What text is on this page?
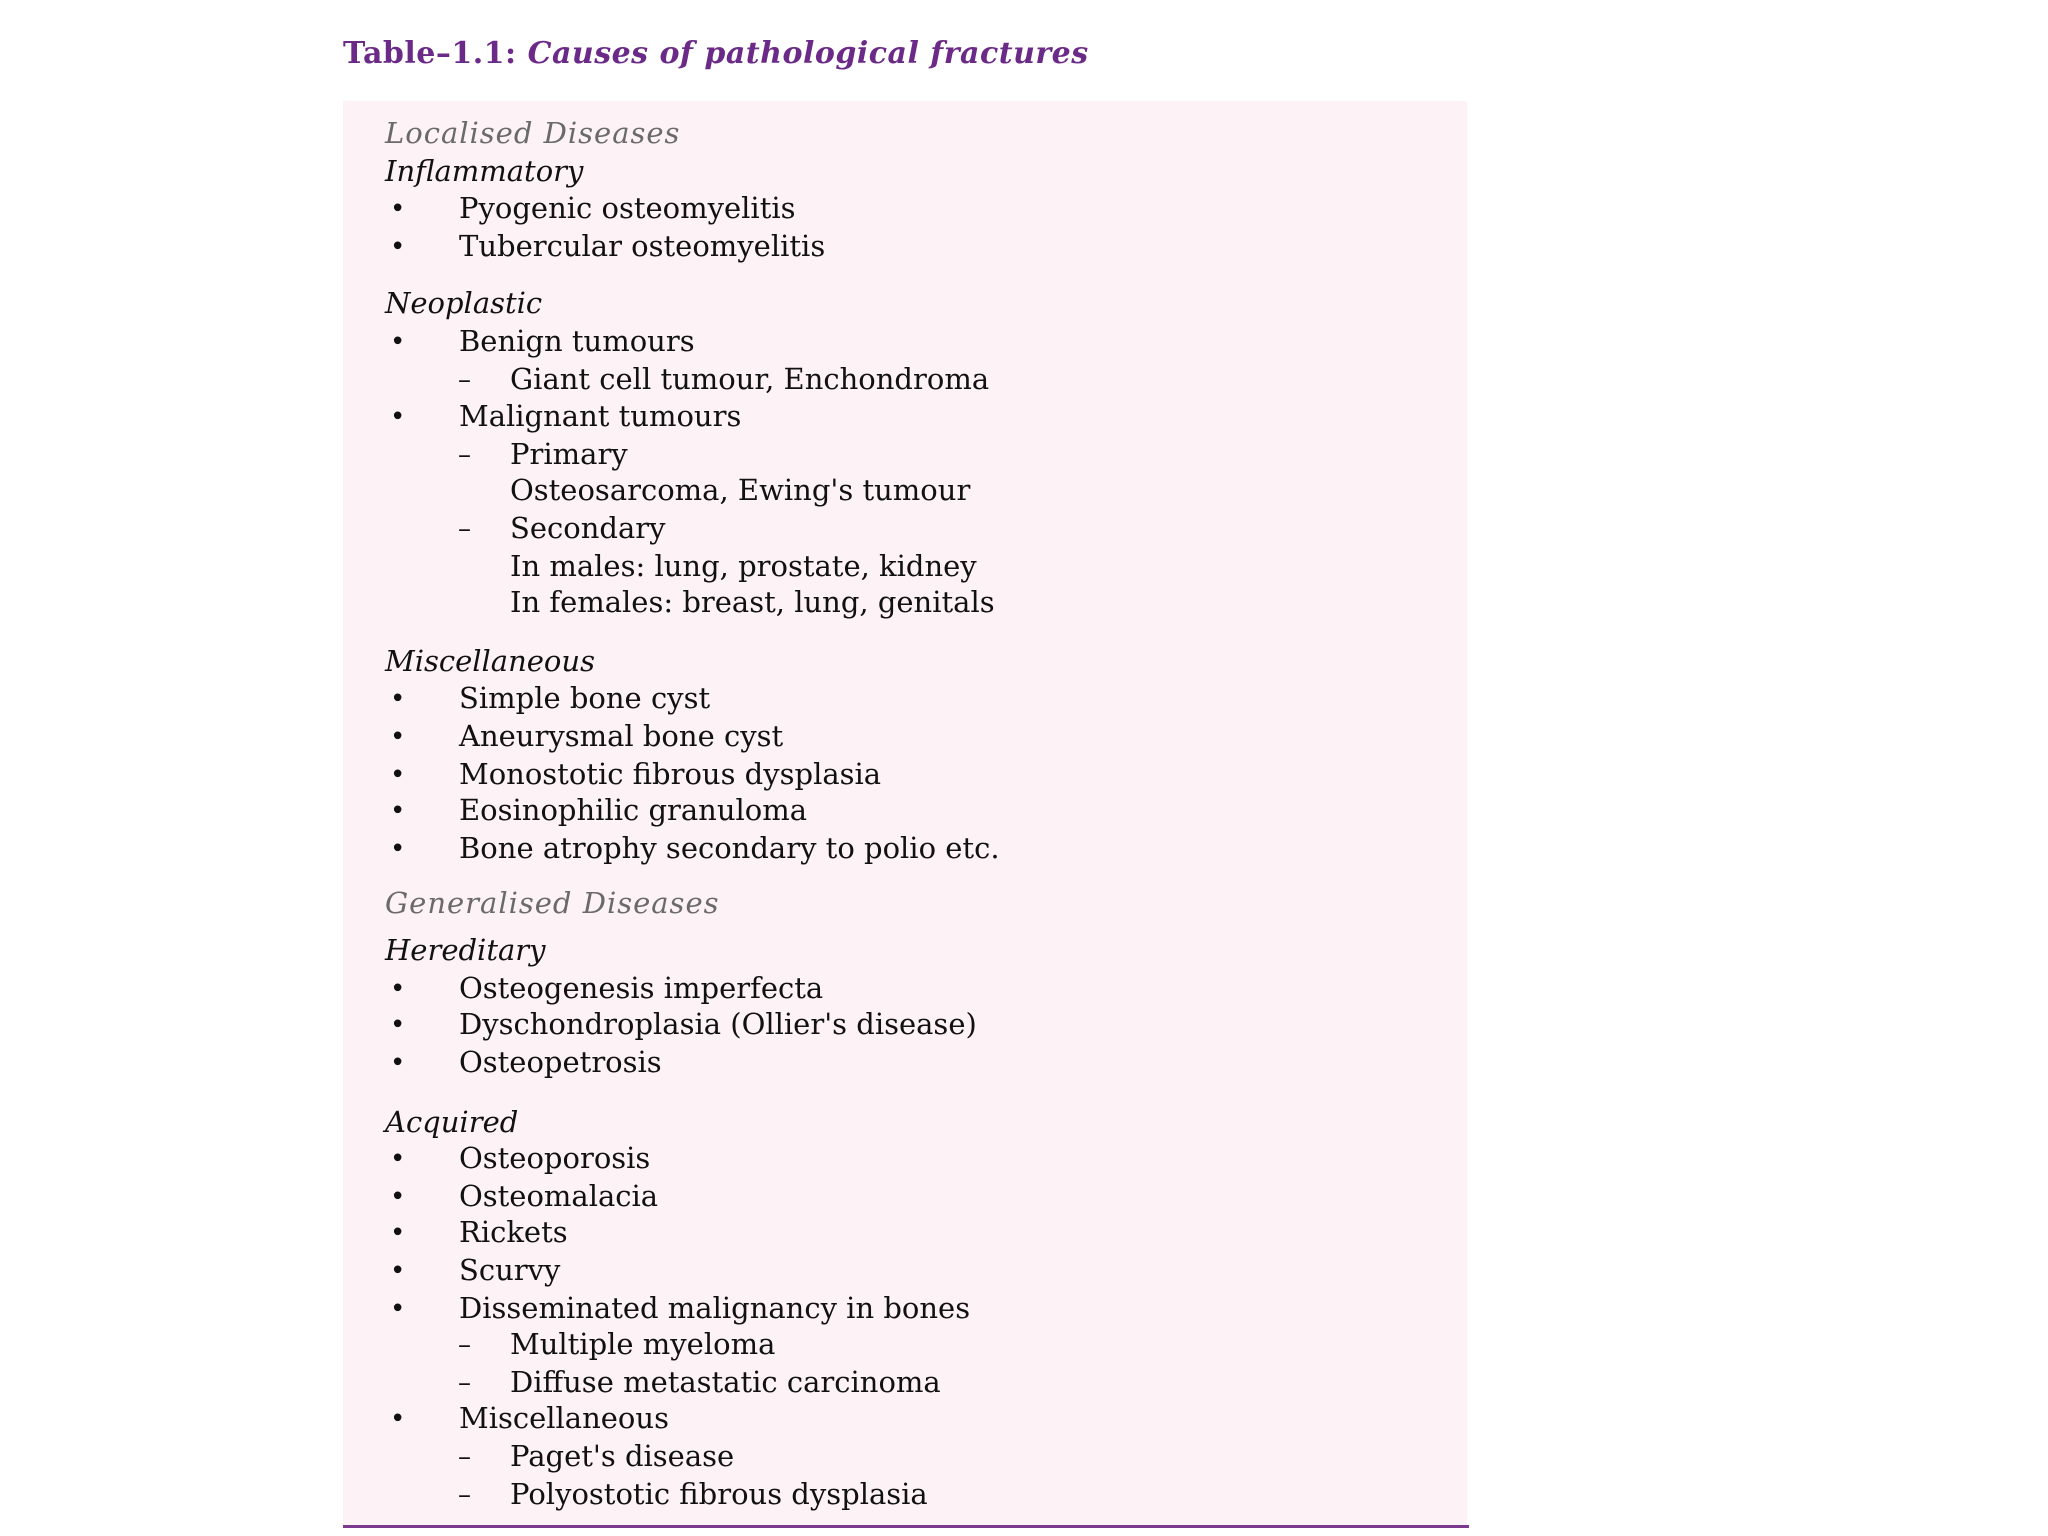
Table–1.1: Causes of pathological fractures
Localised Diseases
Inflammatory
• Pyogenic osteomyelitis
• Tubercular osteomyelitis
Neoplastic
• Benign tumours
– Giant cell tumour, Enchondroma
• Malignant tumours
– Primary
Osteosarcoma, Ewing's tumour
– Secondary
In males: lung, prostate, kidney
In females: breast, lung, genitals
Miscellaneous
• Simple bone cyst
• Aneurysmal bone cyst
• Monostotic fibrous dysplasia
• Eosinophilic granuloma
• Bone atrophy secondary to polio etc.
Generalised Diseases
Hereditary
• Osteogenesis imperfecta
• Dyschondroplasia (Ollier's disease)
• Osteopetrosis
Acquired
• Osteoporosis
• Osteomalacia
• Rickets
• Scurvy
• Disseminated malignancy in bones
– Multiple myeloma
– Diffuse metastatic carcinoma
• Miscellaneous
– Paget's disease
– Polyostotic fibrous dysplasia
